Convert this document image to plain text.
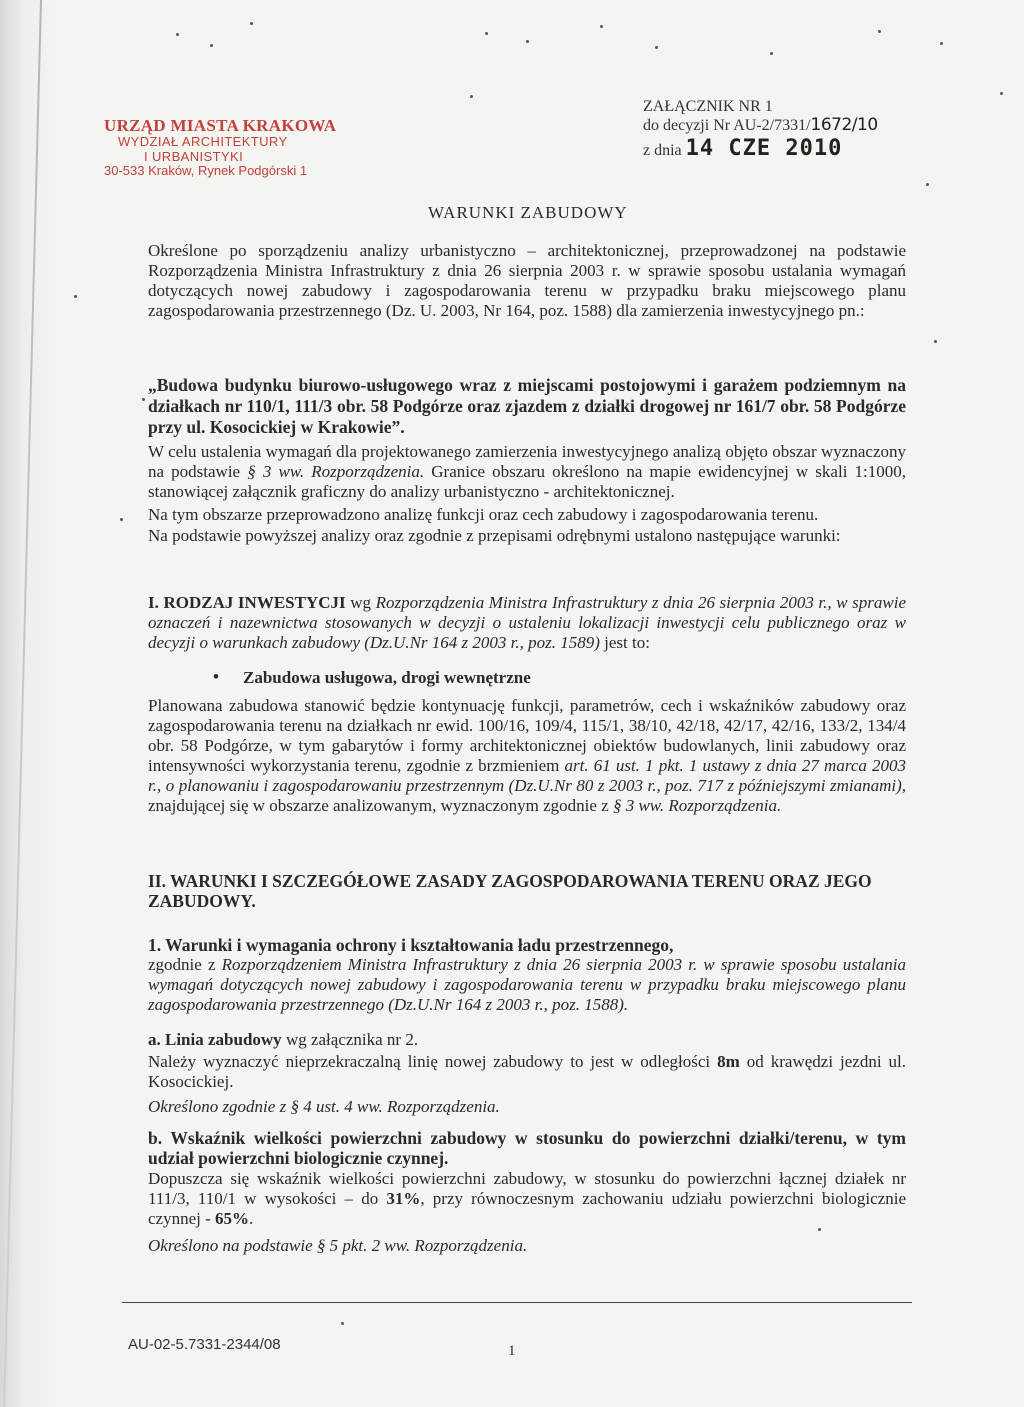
URZĄD MIASTA KRAKOWA
WYDZIAŁ ARCHITEKTURY
I URBANISTYKI
30-533 Kraków, Rynek Podgórski 1
ZAŁĄCZNIK NR 1
do decyzji Nr AU-2/7331/1672/10
z dnia 14 CZE 2010
WARUNKI ZABUDOWY
Określone po sporządzeniu analizy urbanistyczno – architektonicznej, przeprowadzonej na podstawie Rozporządzenia Ministra Infrastruktury z dnia 26 sierpnia 2003 r. w sprawie sposobu ustalania wymagań dotyczących nowej zabudowy i zagospodarowania terenu w przypadku braku miejscowego planu zagospodarowania przestrzennego (Dz. U. 2003, Nr 164, poz. 1588) dla zamierzenia inwestycyjnego pn.:
„Budowa budynku biurowo-usługowego wraz z miejscami postojowymi i garażem podziemnym na działkach nr 110/1, 111/3 obr. 58 Podgórze oraz zjazdem z działki drogowej nr 161/7 obr. 58 Podgórze przy ul. Kosocickiej w Krakowie”.
W celu ustalenia wymagań dla projektowanego zamierzenia inwestycyjnego analizą objęto obszar wyznaczony na podstawie § 3 ww. Rozporządzenia. Granice obszaru określono na mapie ewidencyjnej w skali 1:1000, stanowiącej załącznik graficzny do analizy urbanistyczno - architektonicznej.
Na tym obszarze przeprowadzono analizę funkcji oraz cech zabudowy i zagospodarowania terenu.
Na podstawie powyższej analizy oraz zgodnie z przepisami odrębnymi ustalono następujące warunki:
I. RODZAJ INWESTYCJI wg Rozporządzenia Ministra Infrastruktury z dnia 26 sierpnia 2003 r., w sprawie oznaczeń i nazewnictwa stosowanych w decyzji o ustaleniu lokalizacji inwestycji celu publicznego oraz w decyzji o warunkach zabudowy (Dz.U.Nr 164 z 2003 r., poz. 1589) jest to:
• Zabudowa usługowa, drogi wewnętrzne
Planowana zabudowa stanowić będzie kontynuację funkcji, parametrów, cech i wskaźników zabudowy oraz zagospodarowania terenu na działkach nr ewid. 100/16, 109/4, 115/1, 38/10, 42/18, 42/17, 42/16, 133/2, 134/4 obr. 58 Podgórze, w tym gabarytów i formy architektonicznej obiektów budowlanych, linii zabudowy oraz intensywności wykorzystania terenu, zgodnie z brzmieniem art. 61 ust. 1 pkt. 1 ustawy z dnia 27 marca 2003 r., o planowaniu i zagospodarowaniu przestrzennym (Dz.U.Nr 80 z 2003 r., poz. 717 z późniejszymi zmianami), znajdującej się w obszarze analizowanym, wyznaczonym zgodnie z § 3 ww. Rozporządzenia.
II. WARUNKI I SZCZEGÓŁOWE ZASADY ZAGOSPODAROWANIA TERENU ORAZ JEGO ZABUDOWY.
1. Warunki i wymagania ochrony i kształtowania ładu przestrzennego,
zgodnie z Rozporządzeniem Ministra Infrastruktury z dnia 26 sierpnia 2003 r. w sprawie sposobu ustalania wymagań dotyczących nowej zabudowy i zagospodarowania terenu w przypadku braku miejscowego planu zagospodarowania przestrzennego (Dz.U.Nr 164 z 2003 r., poz. 1588).
a. Linia zabudowy wg załącznika nr 2.
Należy wyznaczyć nieprzekraczalną linię nowej zabudowy to jest w odległości 8m od krawędzi jezdni ul. Kosocickiej.
Określono zgodnie z § 4 ust. 4 ww. Rozporządzenia.
b. Wskaźnik wielkości powierzchni zabudowy w stosunku do powierzchni działki/terenu, w tym udział powierzchni biologicznie czynnej.
Dopuszcza się wskaźnik wielkości powierzchni zabudowy, w stosunku do powierzchni łącznej działek nr 111/3, 110/1 w wysokości – do 31%, przy równoczesnym zachowaniu udziału powierzchni biologicznie czynnej - 65%.
Określono na podstawie § 5 pkt. 2 ww. Rozporządzenia.
AU-02-5.7331-2344/08	1
